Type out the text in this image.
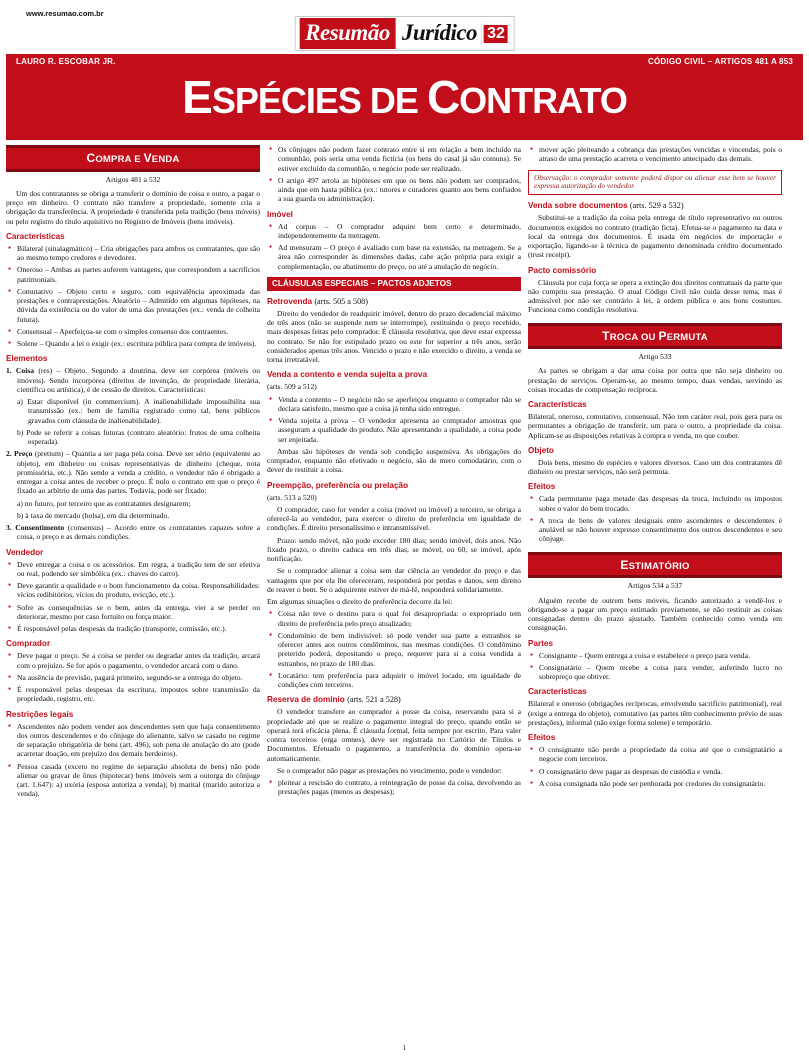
www.resumao.com.br
Resumão Jurídico 32
LAURO R. ESCOBAR JR.	CÓDIGO CIVIL – ARTIGOS 481 A 853
ESPÉCIES DE CONTRATO
COMPRA E VENDA
Artigos 481 a 532

Um dos contratantes se obriga a transferir o domínio de coisa e outro, a pagar o preço em dinheiro. O contrato não transfere a propriedade, somente cria a obrigação da transferência. A propriedade é transferida pela tradição (bens móveis) ou pelo registro do título aquisitivo no Registro de Imóveis (bens imóveis).

Características
● Bilateral (sinalagmático) – Cria obrigações para ambos os contratantes, que são ao mesmo tempo credores e devedores.
● Oneroso – Ambas as partes auferem vantagens, que correspondem a sacrifícios patrimoniais.
● Comutativo – Objeto certo e seguro, com equivalência aproximada das prestações e contraprestações. Aleatório – Admitido em algumas hipóteses, na dúvida da existência ou do valor de uma das prestações (ex.: venda de colheita futura).
● Consensual – Aperfeiçoa-se com o simples consenso dos contraentes.
● Solene – Quando a lei o exigir (ex.: escritura pública para compra de imóveis).
Elementos

1. Coisa (res) – Objeto. Segundo a doutrina, deve ser corpórea (móveis ou imóveis). Sendo incorpórea (direitos de invenção, de propriedade literária, científica ou artística), é de cessão de direitos. Características:

a) Estar disponível (in commercium). A inalienabilidade impossibilita sua transmissão (ex.: bem de família registrado como tal, bens públicos gravados com cláusula de inalienabilidade).

b) Pode se referir a coisas futuras (contrato aleatório: frutos de uma colheita esperada).

2. Preço (pretium) – Quantia a ser paga pela coisa. Deve ser sério (equivalente ao objeto), em dinheiro ou coisas representativas de dinheiro (cheque, nota promissória, etc.). Não sendo a venda a crédito, o vendedor não é obrigado a entregar a coisa antes de receber o preço. É nulo o contrato em que o preço é fixado ao arbítrio de uma das partes. Todavia, pode ser fixado:

a) no futuro, por terceiro que as contratantes designarem;

b) à taxa de mercado (bolsa), em dia determinado.

3. Consentimento (consensus) – Acordo entre os contratantes capazes sobre a coisa, o preço e as demais condições.

Vendedor
● Deve entregar a coisa e os acessórios. Em regra, a tradição tem de ser efetiva ou real, podendo ser simbólica (ex.: chaves do carro).
● Deve garantir a qualidade e o bom funcionamento da coisa. Responsabilidades: vícios redibitórios, vícios do produto, evicção, etc.).
● Sofre as consequências se o bem, antes da entrega, vier a se perder ou deteriorar, mesmo por caso fortuito ou força maior.
● É responsável pelas despesas da tradição (transporte, comissão, etc.).
Comprador
● Deve pagar o preço. Se a coisa se perder ou degradar antes da tradição, arcará com o prejuízo. Se for após o pagamento, o vendedor arcará com o dano.
● Na ausência de previsão, pagará primeiro, segundo-se a entrega do objeto.
● É responsável pelas despesas da escritura, impostos sobre transmissão da propriedade, registro, etc.
Restrições legais
● Ascendentes não podem vender aos descendentes sem que haja consentimento dos outros descendentes e do cônjuge do alienante, salvo se casado no regime de separação obrigatória de bens (art. 496), sob pena de anulação do ato (pode acarretar doação, em prejuízo dos demais herdeiros).
● Pessoa casada (exceto no regime de separação absoluta de bens) não pode alienar ou gravar de ônus (hipotecar) bens imóveis sem a outorga do cônjuge (art. 1.647): a) uxória (esposa autoriza a venda); b) marital (marido autoriza a venda).
● Os cônjuges não podem fazer contrato entre si em relação a bem incluído na comunhão, pois seria uma venda fictícia (os bens do casal já são comuns). Se estiver excluído da comunhão, o negócio pode ser realizado.
● O artigo 497 arrola as hipóteses em que os bens não podem ser comprados, ainda que em hasta pública (ex.: tutores e curadores quanto aos bens confiados a sua guarda ou administração).
Imóvel
● Ad corpus – O comprador adquire bem certo e determinado, independentemente da metragem.
● Ad mensuram – O preço é avaliado com base na extensão, na metragem. Se a área não corresponder às dimensões dadas, cabe ação própria para exigir a complementação, ou abatimento do preço, ou até a anulação do negócio.
CLÁUSULAS ESPECIAIS – PACTOS ADJETOS
Retrovenda (arts. 505 a 508)

Direito do vendedor de readquirir imóvel, dentro do prazo decadencial máximo de três anos (não se suspende nem se interrompe), restituindo o preço recebido, mais despesas feitas pelo comprador. É cláusula resolutiva, que deve estar expressa no contrato. Se não for estipulado prazo ou este for superior a três anos, serão considerados apenas três anos. Vencido o prazo e não exercido o direito, a venda se torna irretratável.

Venda a contento e venda sujeita a prova
(arts. 509 a 512)
● Venda a contento – O negócio não se aperfeiçoa enquanto o comprador não se declara satisfeito, mesmo que a coisa já tenha sido entregue.
● Venda sujeita a prova – O vendedor apresenta ao comprador amostras que asseguram a qualidade do produto. Não apresentando a qualidade, a coisa pode ser enjeitada.

Ambas são hipóteses de venda sob condição suspensiva. As obrigações do comprador, enquanto não efetivado o negócio, são de mero comodatário, com o dever de restituir a coisa.

Preempção, preferência ou prelação
(arts. 513 a 520)

O comprador, caso for vender a coisa (móvel ou imóvel) a terceiro, se obriga a oferecê-la ao vendedor, para exercer o direito de preferência em igualdade de condições. É direito personalíssimo e intransmissível.

Prazo: sendo móvel, não pode exceder 180 dias; sendo imóvel, dois anos. Não fixado prazo, o direito caduca em três dias, se móvel, ou 60, se imóvel, após notificação.

Se o comprador alienar a coisa sem dar ciência ao vendedor do preço e das vantagens que por ela lhe ofereceram, responderá por perdas e danos, sem direito de reaver o bem. Se o adquirente estiver de má-fé, responderá solidariamente.

Em algumas situações o direito de preferência decorre da lei:

● Coisa não teve o destino para o qual foi desapropriada: o expropriado tem direito de preferência pelo preço atualizado;
● Condomínio de bem indivisível: só pode vender sua parte a estranhos se oferecer antes aos outros condôminos, nas mesmas condições. O condômino preterido poderá, depositando o preço, requerer para si a coisa vendida a estranhos, no prazo de 180 dias.
● Locatário: tem preferência para adquirir o imóvel locado, em igualdade de condições com terceiros.
Reserva de domínio (arts. 521 a 528)

O vendedor transfere ao comprador a posse da coisa, reservando para si a propriedade até que se realize o pagamento integral do preço, quando então se operará terá eficácia plena. É cláusula formal, feita sempre por escrito. Para valer contra terceiros (erga omnes), deve ser registrada no Cartório de Títulos e Documentos. Efetuado o pagamento, a transferência do domínio opera-se automaticamente.

Se o comprador não pagar as prestações no vencimento, pode o vendedor:

● pleitear a rescisão do contrato, a reintegração de posse da coisa, devolvendo as prestações pagas (menos as despesas);
● mover ação pleiteando a cobrança das prestações vencidas e vincendas, pois o atraso de uma prestação acarreta o vencimento antecipado das demais.
Observação: o comprador somente poderá dispor ou alienar esse bem se houver expressa autorização do vendedor.
Venda sobre documentos (arts. 529 a 532)

Substitui-se a tradição da coisa pela entrega de título representativo ou outros documentos exigidos no contrato (tradição ficta). Efetua-se o pagamento na data e local da entrega dos documentos. É usada em negócios de importação e exportação, ligando-se à técnica de pagamento denominada crédito documentado (trust receipt).

Pacto comissório

Cláusula por cuja força se opera a extinção dos direitos contratuais da parte que não cumpriu sua prestação. O atual Código Civil não cuida desse tema, mas é admissível por não ser contrário à lei, à ordem pública e aos bons costumes. Funciona como condição resolutiva.

TROCA OU PERMUTA
Artigo 533

As partes se obrigam a dar uma coisa por outra que não seja dinheiro ou prestação de serviços. Operam-se, ao mesmo tempo, duas vendas, servindo as coisas trocadas de compensação recíproca.

Características

Bilateral, oneroso, comutativo, consensual. Não tem caráter real, pois gera para os permutantes a obrigação de transferir, um para o outro, a propriedade da coisa. Aplicam-se as disposições relativas à compra e venda, no que couber.

Objeto

Dois bens, mesmo de espécies e valores diversos. Caso um dos contratantes dê dinheiro ou prestar serviços, não será permuta.

Efeitos
● Cada permutante paga metade das despesas da troca, incluindo os impostos sobre o valor do bem trocado.
● A troca de bens de valores desiguais entre ascendentes e descendentes é anulável se não houver expresso consentimento dos outros descendentes e seu cônjuge.
ESTIMATÓRIO
Artigos 534 a 537

Alguém recebe de outrem bens móveis, ficando autorizado a vendê-los e obrigando-se a pagar um preço estimado previamente, se não restituir as coisas consignadas dentro do prazo ajustado. Também conhecido como venda em consignação.

Partes
● Consignante – Quem entrega a coisa e estabelece o preço para venda.
● Consignatário – Quem recebe a coisa para vender, auferindo lucro no sobrepreço que obtiver.
Características

Bilateral e oneroso (obrigações recíprocas, envolvendo sacrifício patrimonial), real (exige a entrega do objeto), comutativo (as partes têm conhecimento prévio de suas prestações), informal (não exige forma solene) e temporário.

Efeitos
● O consignante não perde a propriedade da coisa até que o consignatário a negocie com terceiros.
● O consignatário deve pagar as despesas de custódia e venda.
● A coisa consignada não pode ser penhorada por credores do consignatário.
1
